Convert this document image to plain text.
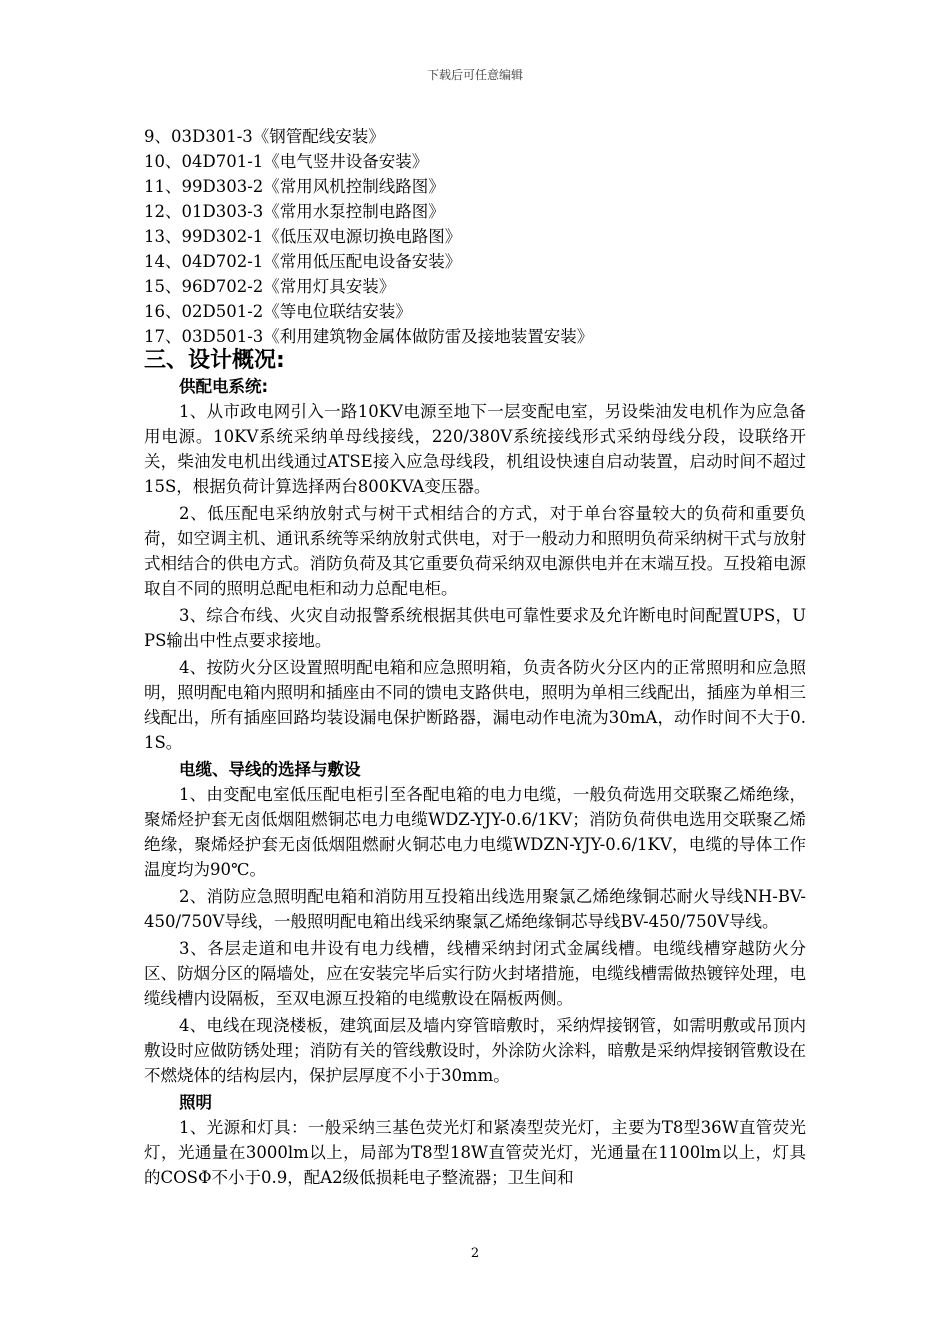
下载后可任意编辑
9、03D301-3《钢管配线安装》
10、04D701-1《电气竖井设备安装》
11、99D303-2《常用风机控制线路图》
12、01D303-3《常用水泵控制电路图》
13、99D302-1《低压双电源切换电路图》
14、04D702-1《常用低压配电设备安装》
15、96D702-2《常用灯具安装》
16、02D501-2《等电位联结安装》
17、03D501-3《利用建筑物金属体做防雷及接地装置安装》
三、设计概况:
供配电系统:

1、从市政电网引入一路10KV电源至地下一层变配电室，另设柴油发电机作为应急备用电源。10KV系统采纳单母线接线，220/380V系统接线形式采纳母线分段，设联络开关，柴油发电机出线通过ATSE接入应急母线段，机组设快速自启动装置，启动时间不超过15S，根据负荷计算选择两台800KVA变压器。

2、低压配电采纳放射式与树干式相结合的方式，对于单台容量较大的负荷和重要负荷，如空调主机、通讯系统等采纳放射式供电，对于一般动力和照明负荷采纳树干式与放射式相结合的供电方式。消防负荷及其它重要负荷采纳双电源供电并在末端互投。互投箱电源取自不同的照明总配电柜和动力总配电柜。

3、综合布线、火灾自动报警系统根据其供电可靠性要求及允许断电时间配置UPS，UPS输出中性点要求接地。

4、按防火分区设置照明配电箱和应急照明箱，负责各防火分区内的正常照明和应急照明，照明配电箱内照明和插座由不同的馈电支路供电，照明为单相三线配出，插座为单相三线配出，所有插座回路均装设漏电保护断路器，漏电动作电流为30mA，动作时间不大于0.1S。

电缆、导线的选择与敷设

1、由变配电室低压配电柜引至各配电箱的电力电缆，一般负荷选用交联聚乙烯绝缘，聚烯烃护套无卤低烟阻燃铜芯电力电缆WDZ-YJY-0.6/1KV；消防负荷供电选用交联聚乙烯绝缘，聚烯烃护套无卤低烟阻燃耐火铜芯电力电缆WDZN-YJY-0.6/1KV，电缆的导体工作温度均为90℃。

2、消防应急照明配电箱和消防用互投箱出线选用聚氯乙烯绝缘铜芯耐火导线NH-BV-450/750V导线，一般照明配电箱出线采纳聚氯乙烯绝缘铜芯导线BV-450/750V导线。

3、各层走道和电井设有电力线槽，线槽采纳封闭式金属线槽。电缆线槽穿越防火分区、防烟分区的隔墙处，应在安装完毕后实行防火封堵措施，电缆线槽需做热镀锌处理，电缆线槽内设隔板，至双电源互投箱的电缆敷设在隔板两侧。

4、电线在现浇楼板，建筑面层及墙内穿管暗敷时，采纳焊接钢管，如需明敷或吊顶内敷设时应做防锈处理；消防有关的管线敷设时，外涂防火涂料，暗敷是采纳焊接钢管敷设在不燃烧体的结构层内，保护层厚度不小于30mm。

照明

1、光源和灯具：一般采纳三基色荧光灯和紧凑型荧光灯，主要为T8型36W直管荧光灯，光通量在3000lm以上，局部为T8型18W直管荧光灯，光通量在1100lm以上，灯具的COSΦ不小于0.9，配A2级低损耗电子整流器；卫生间和

2
